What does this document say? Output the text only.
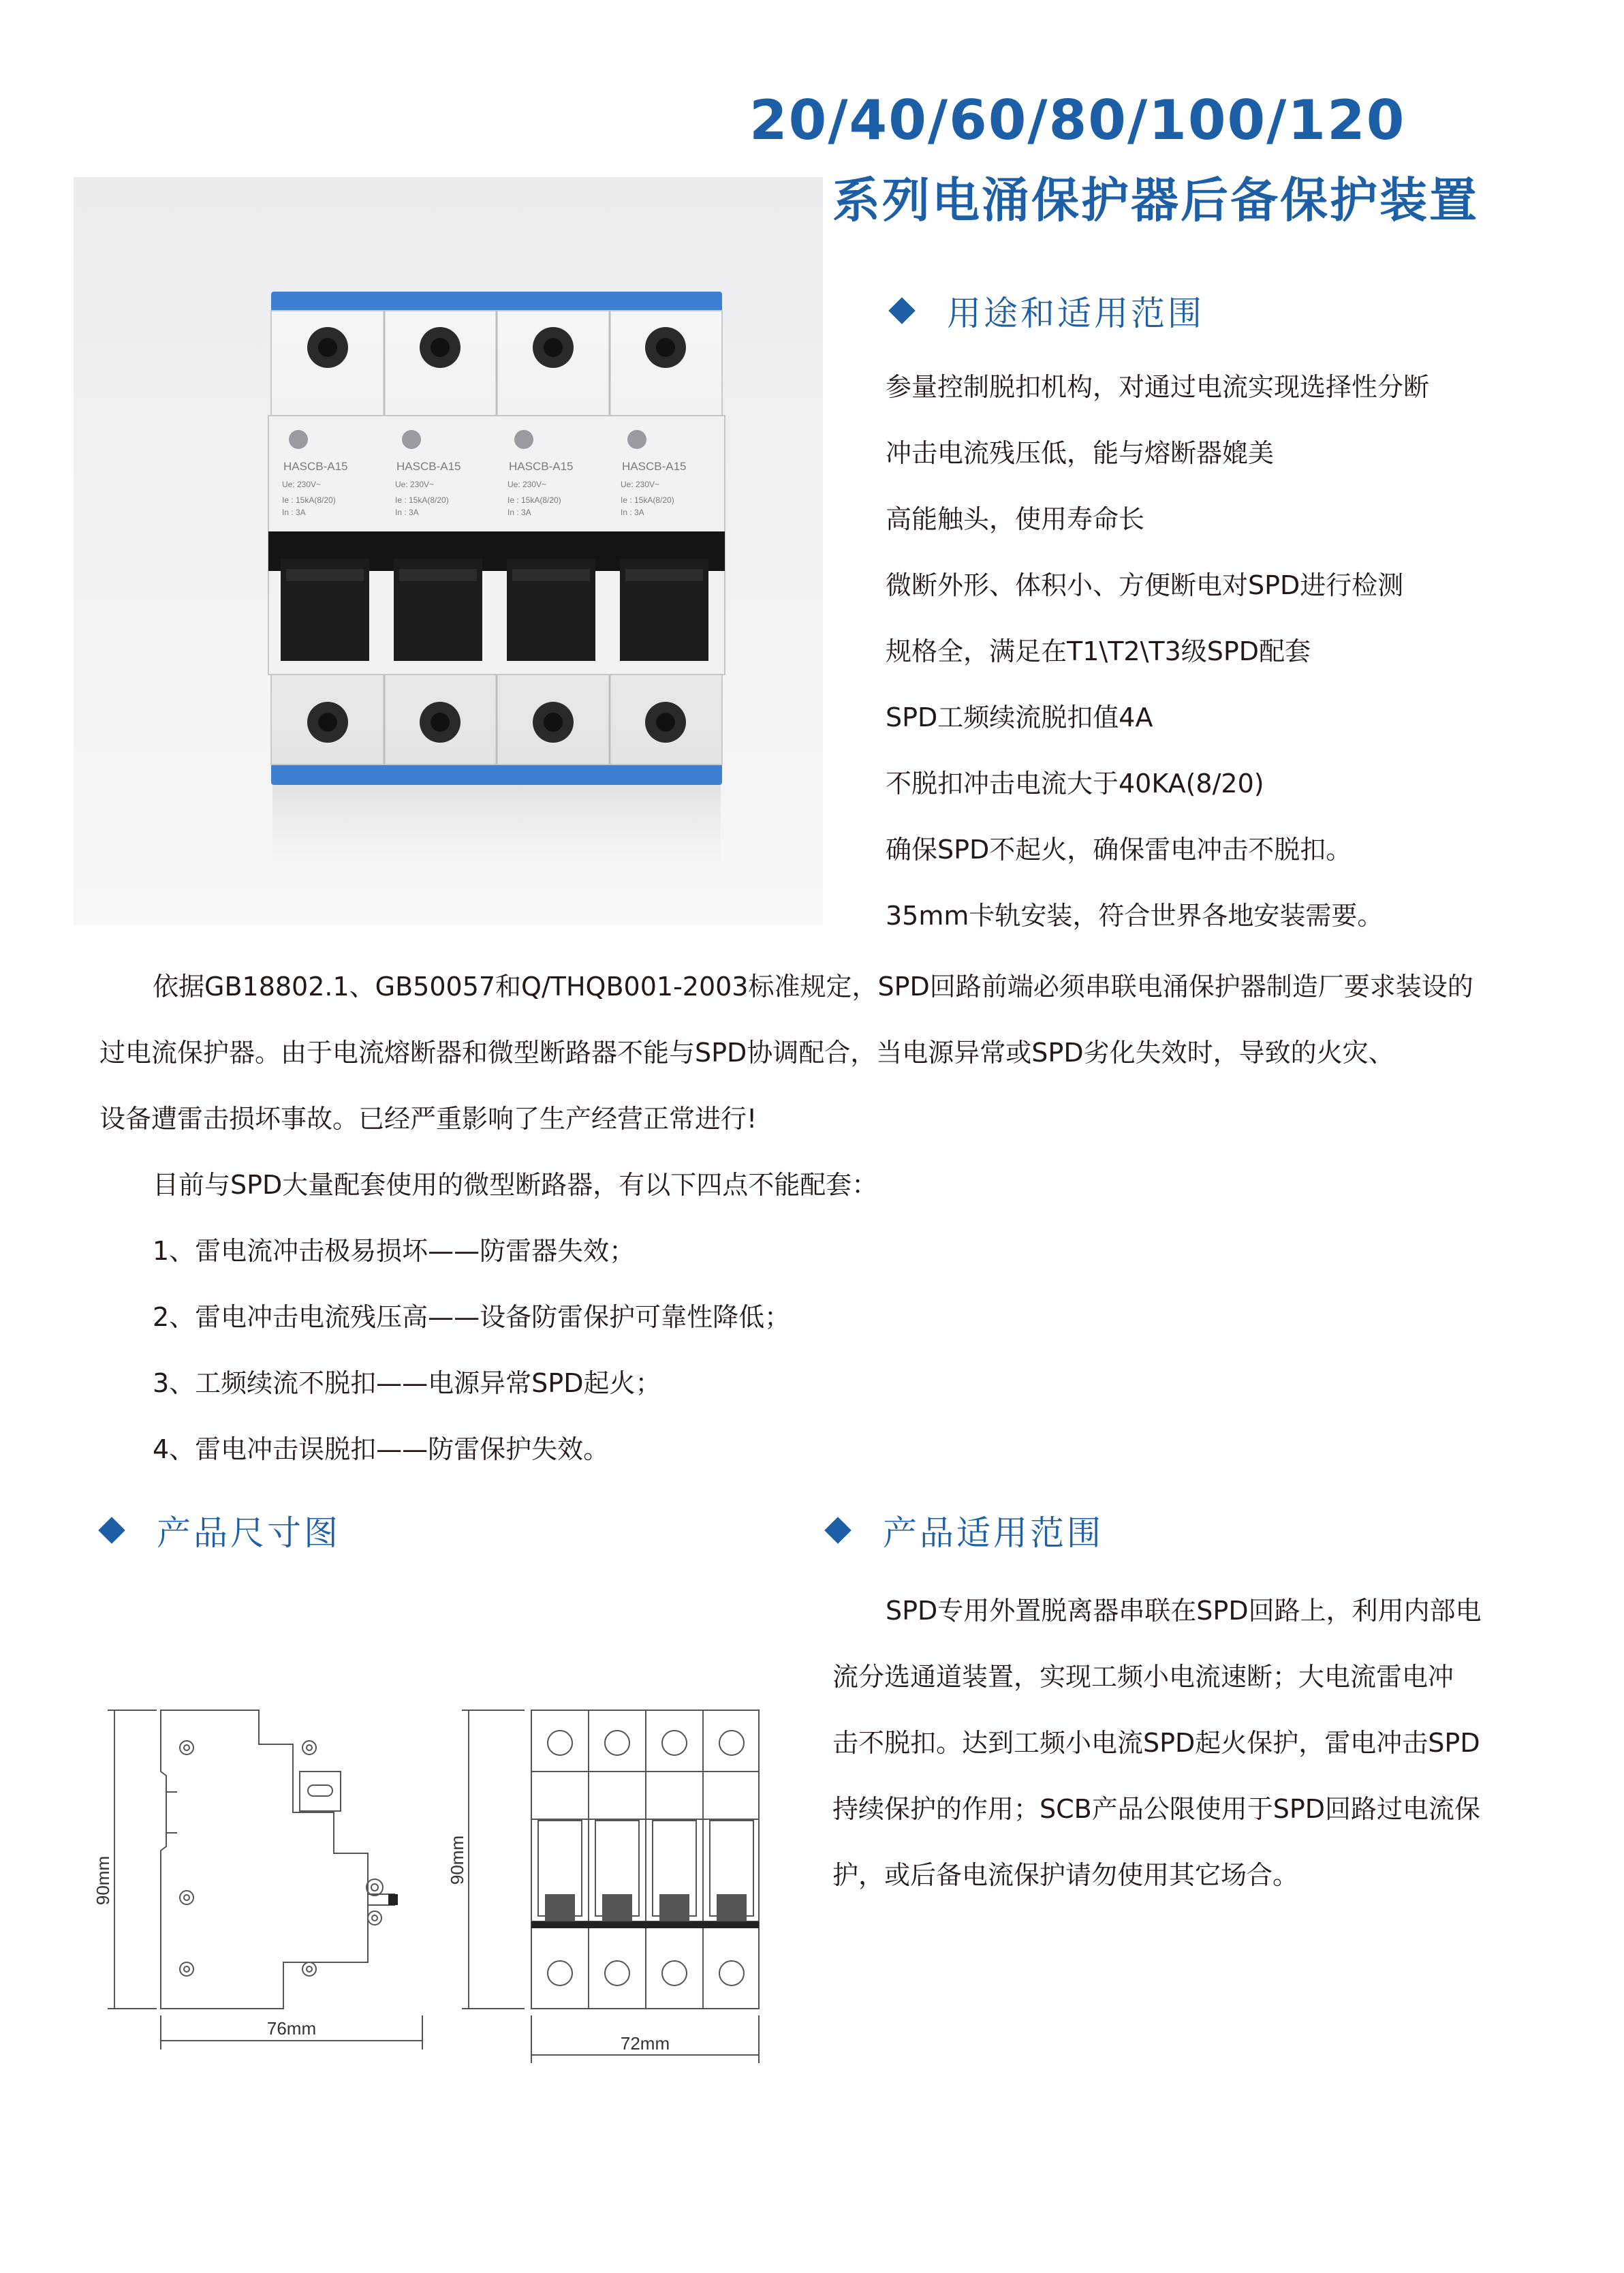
20/40/60/80/100/120
系列电涌保护器后备保护装置
HASCB-A15	HASCB-A15	HASCB-A15	HASCB-A15
Ue: 230V~	Ue: 230V~	Ue: 230V~	Ue: 230V~
Ie : 15kA(8/20)	Ie : 15kA(8/20)	Ie : 15kA(8/20)	Ie : 15kA(8/20)
In : 3A	In : 3A	In : 3A	In : 3A
用途和适用范围
参量控制脱扣机构，对通过电流实现选择性分断
冲击电流残压低，能与熔断器媲美
高能触头，使用寿命长
微断外形、体积小、方便断电对SPD进行检测
规格全，满足在T1\T2\T3级SPD配套
SPD工频续流脱扣值4A
不脱扣冲击电流大于40KA(8/20)
确保SPD不起火，确保雷电冲击不脱扣。
35mm卡轨安装，符合世界各地安装需要。
依据GB18802.1、GB50057和Q/THQB001-2003标准规定，SPD回路前端必须串联电涌保护器制造厂要求装设的
过电流保护器。由于电流熔断器和微型断路器不能与SPD协调配合，当电源异常或SPD劣化失效时，导致的火灾、
设备遭雷击损坏事故。已经严重影响了生产经营正常进行!
目前与SPD大量配套使用的微型断路器，有以下四点不能配套：
1、雷电流冲击极易损坏——防雷器失效；
2、雷电冲击电流残压高——设备防雷保护可靠性降低；
3、工频续流不脱扣——电源异常SPD起火；
4、雷电冲击误脱扣——防雷保护失效。
产品尺寸图	产品适用范围
SPD专用外置脱离器串联在SPD回路上，利用内部电
流分选通道装置，实现工频小电流速断；大电流雷电冲
击不脱扣。达到工频小电流SPD起火保护，雷电冲击SPD
持续保护的作用；SCB产品公限使用于SPD回路过电流保
护，或后备电流保护请勿使用其它场合。
90mm
76mm
90mm
72mm
